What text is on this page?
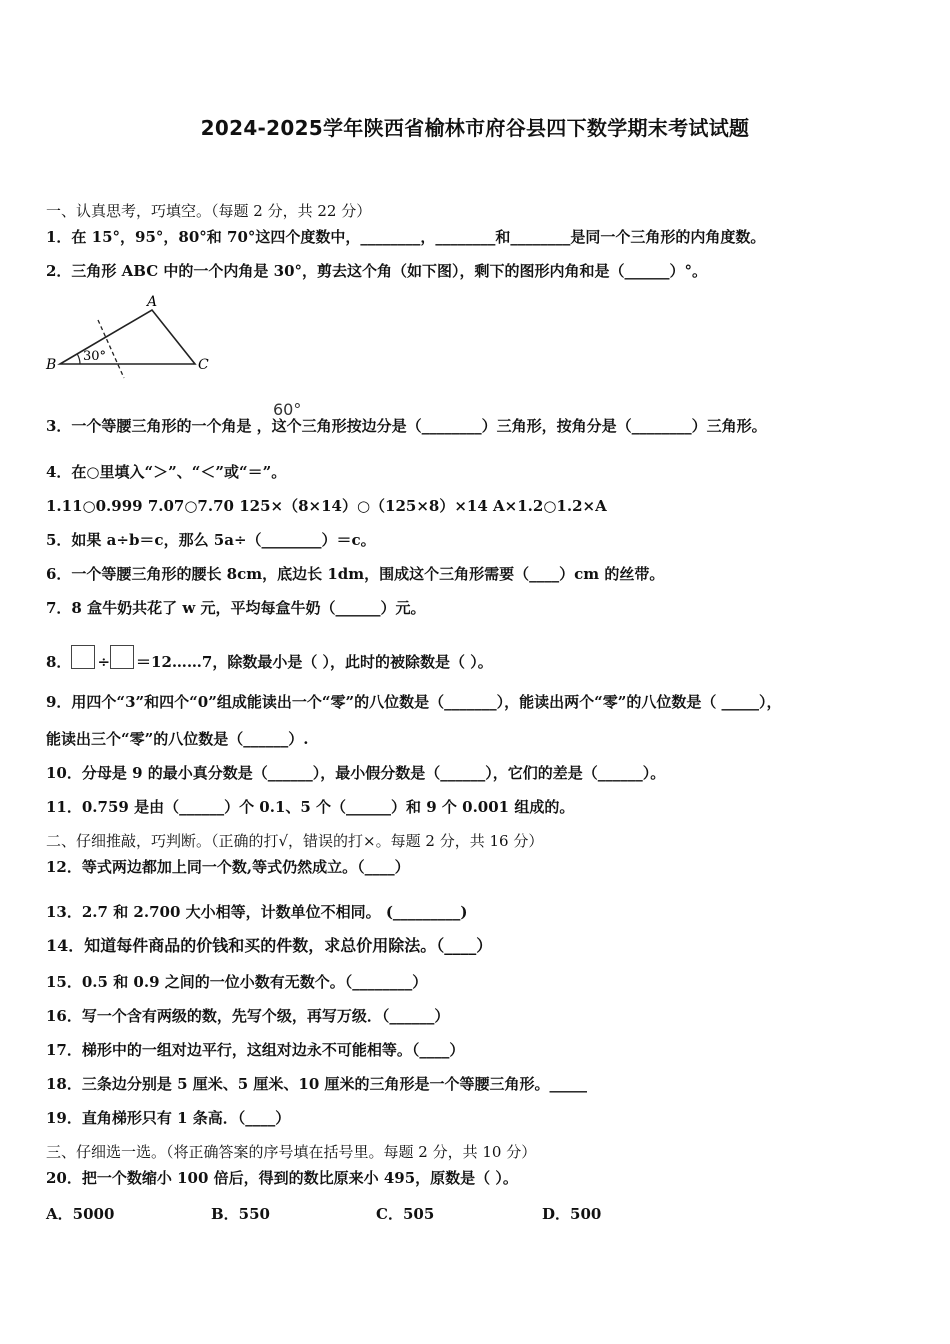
2024-2025学年陕西省榆林市府谷县四下数学期末考试试题
一、认真思考，巧填空。（每题 2 分，共 22 分）
1．在 15°，95°，80°和 70°这四个度数中，________，________和________是同一个三角形的内角度数。
2．三角形 ABC 中的一个内角是 30°，剪去这个角（如下图），剩下的图形内角和是（______）°。
A
B	C
30°
60°
3．一个等腰三角形的一个角是 ，这个三角形按边分是（________）三角形，按角分是（________）三角形。
4．在○里填入“＞”、“＜”或“＝”。
1.11○0.999 7.07○7.70 125×（8×14）○（125×8）×14 A×1.2○1.2×A
5．如果 a÷b＝c，那么 5a÷（________）＝c。
6．一个等腰三角形的腰长 8cm，底边长 1dm，围成这个三角形需要（____）cm 的丝带。
7．8 盒牛奶共花了 w 元，平均每盒牛奶（______）元。
8． ÷ ＝12……7，除数最小是（ ），此时的被除数是（ ）。
9．用四个“3”和四个“0”组成能读出一个“零”的八位数是（_______），能读出两个“零”的八位数是（ _____），
能读出三个“零”的八位数是（______）.
10．分母是 9 的最小真分数是（______），最小假分数是（______），它们的差是（______）。
11．0.759 是由（______）个 0.1、5 个（______）和 9 个 0.001 组成的。
二、仔细推敲，巧判断。（正确的打√，错误的打×。每题 2 分，共 16 分）
12．等式两边都加上同一个数,等式仍然成立。（____）
13．2.7 和 2.700 大小相等，计数单位不相同。 (_________)
14．知道每件商品的价钱和买的件数，求总价用除法。（____）
15．0.5 和 0.9 之间的一位小数有无数个。（________）
16．写一个含有两级的数，先写个级，再写万级．（______）
17．梯形中的一组对边平行，这组对边永不可能相等。（____）
18．三条边分别是 5 厘米、5 厘米、10 厘米的三角形是一个等腰三角形。_____
19．直角梯形只有 1 条高．（____）
三、仔细选一选。（将正确答案的序号填在括号里。每题 2 分，共 10 分）
20．把一个数缩小 100 倍后，得到的数比原来小 495，原数是（ ）。
A．5000	B．550	C．505	D．500
